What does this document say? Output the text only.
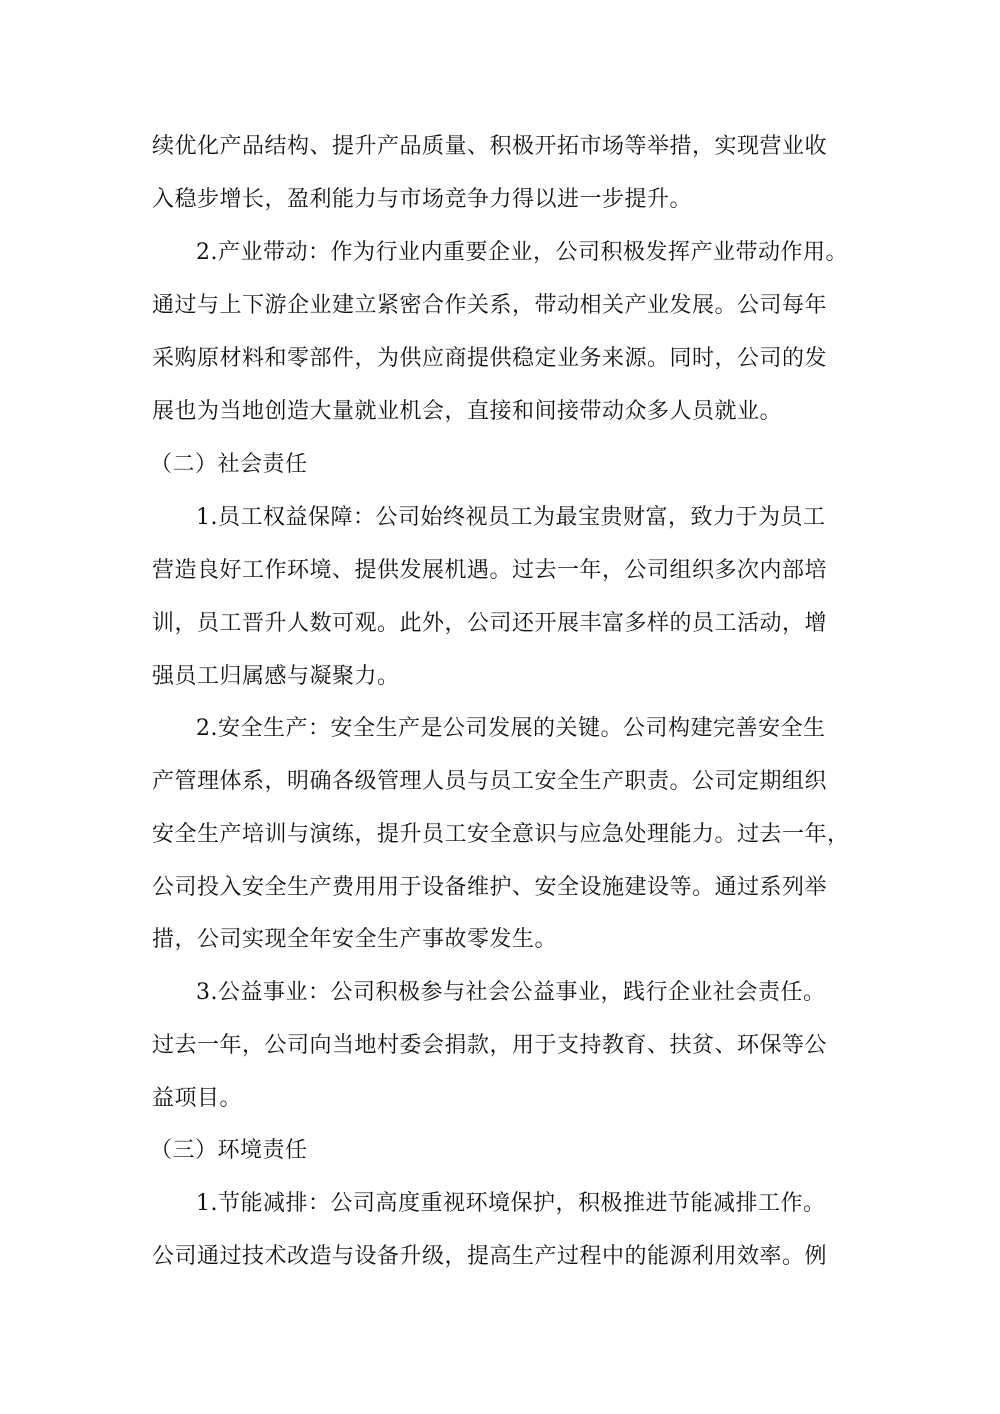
续优化产品结构、提升产品质量、积极开拓市场等举措，实现营业收
入稳步增长，盈利能力与市场竞争力得以进一步提升。
2.产业带动：作为行业内重要企业，公司积极发挥产业带动作用。
通过与上下游企业建立紧密合作关系，带动相关产业发展。公司每年
采购原材料和零部件，为供应商提供稳定业务来源。同时，公司的发
展也为当地创造大量就业机会，直接和间接带动众多人员就业。
（二）社会责任
1.员工权益保障：公司始终视员工为最宝贵财富，致力于为员工
营造良好工作环境、提供发展机遇。过去一年，公司组织多次内部培
训，员工晋升人数可观。此外，公司还开展丰富多样的员工活动，增
强员工归属感与凝聚力。
2.安全生产：安全生产是公司发展的关键。公司构建完善安全生
产管理体系，明确各级管理人员与员工安全生产职责。公司定期组织
安全生产培训与演练，提升员工安全意识与应急处理能力。过去一年，
公司投入安全生产费用用于设备维护、安全设施建设等。通过系列举
措，公司实现全年安全生产事故零发生。
3.公益事业：公司积极参与社会公益事业，践行企业社会责任。
过去一年，公司向当地村委会捐款，用于支持教育、扶贫、环保等公
益项目。
（三）环境责任
1.节能减排：公司高度重视环境保护，积极推进节能减排工作。
公司通过技术改造与设备升级，提高生产过程中的能源利用效率。例
